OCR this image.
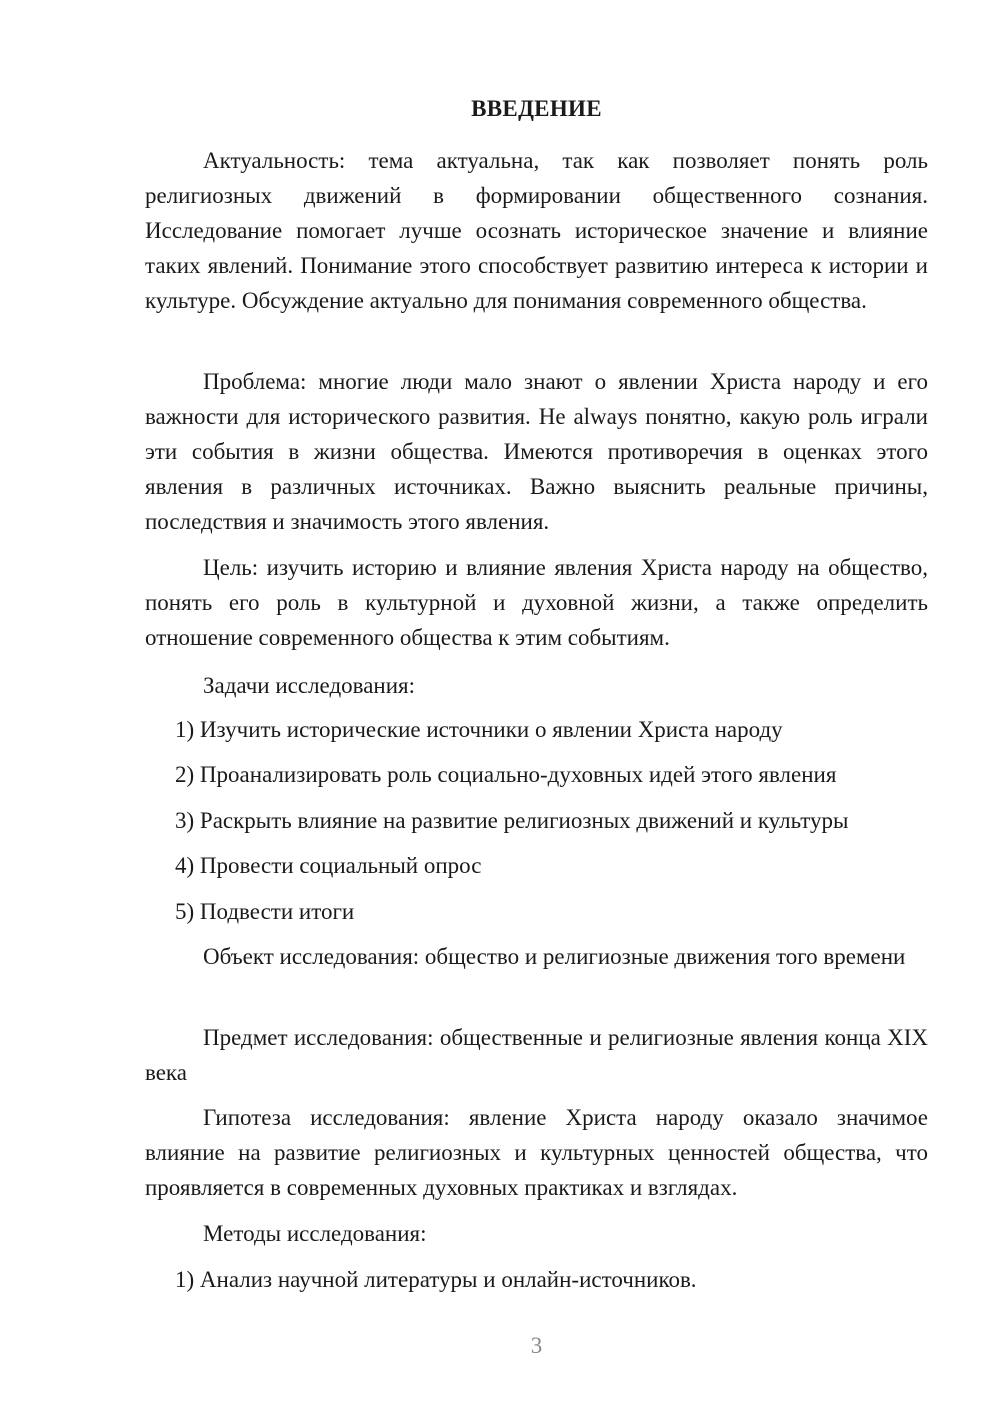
ВВЕДЕНИЕ

Актуальность: тема актуальна, так как позволяет понять роль религиозных движений в формировании общественного сознания. Исследование помогает лучше осознать историческое значение и влияние таких явлений. Понимание этого способствует развитию интереса к истории и культуре. Обсуждение актуально для понимания современного общества.

Проблема: многие люди мало знают о явлении Христа народу и его важности для исторического развития. Не always понятно, какую роль играли эти события в жизни общества. Имеются противоречия в оценках этого явления в различных источниках. Важно выяснить реальные причины, последствия и значимость этого явления.

Цель: изучить историю и влияние явления Христа народу на общество, понять его роль в культурной и духовной жизни, а также определить отношение современного общества к этим событиям.

Задачи исследования:

1) Изучить исторические источники о явлении Христа народу

2) Проанализировать роль социально-духовных идей этого явления

3) Раскрыть влияние на развитие религиозных движений и культуры

4) Провести социальный опрос

5) Подвести итоги

Объект исследования: общество и религиозные движения того времени

Предмет исследования: общественные и религиозные явления конца XIX века

Гипотеза исследования: явление Христа народу оказало значимое влияние на развитие религиозных и культурных ценностей общества, что проявляется в современных духовных практиках и взглядах.

Методы исследования:

1) Анализ научной литературы и онлайн-источников.

3
